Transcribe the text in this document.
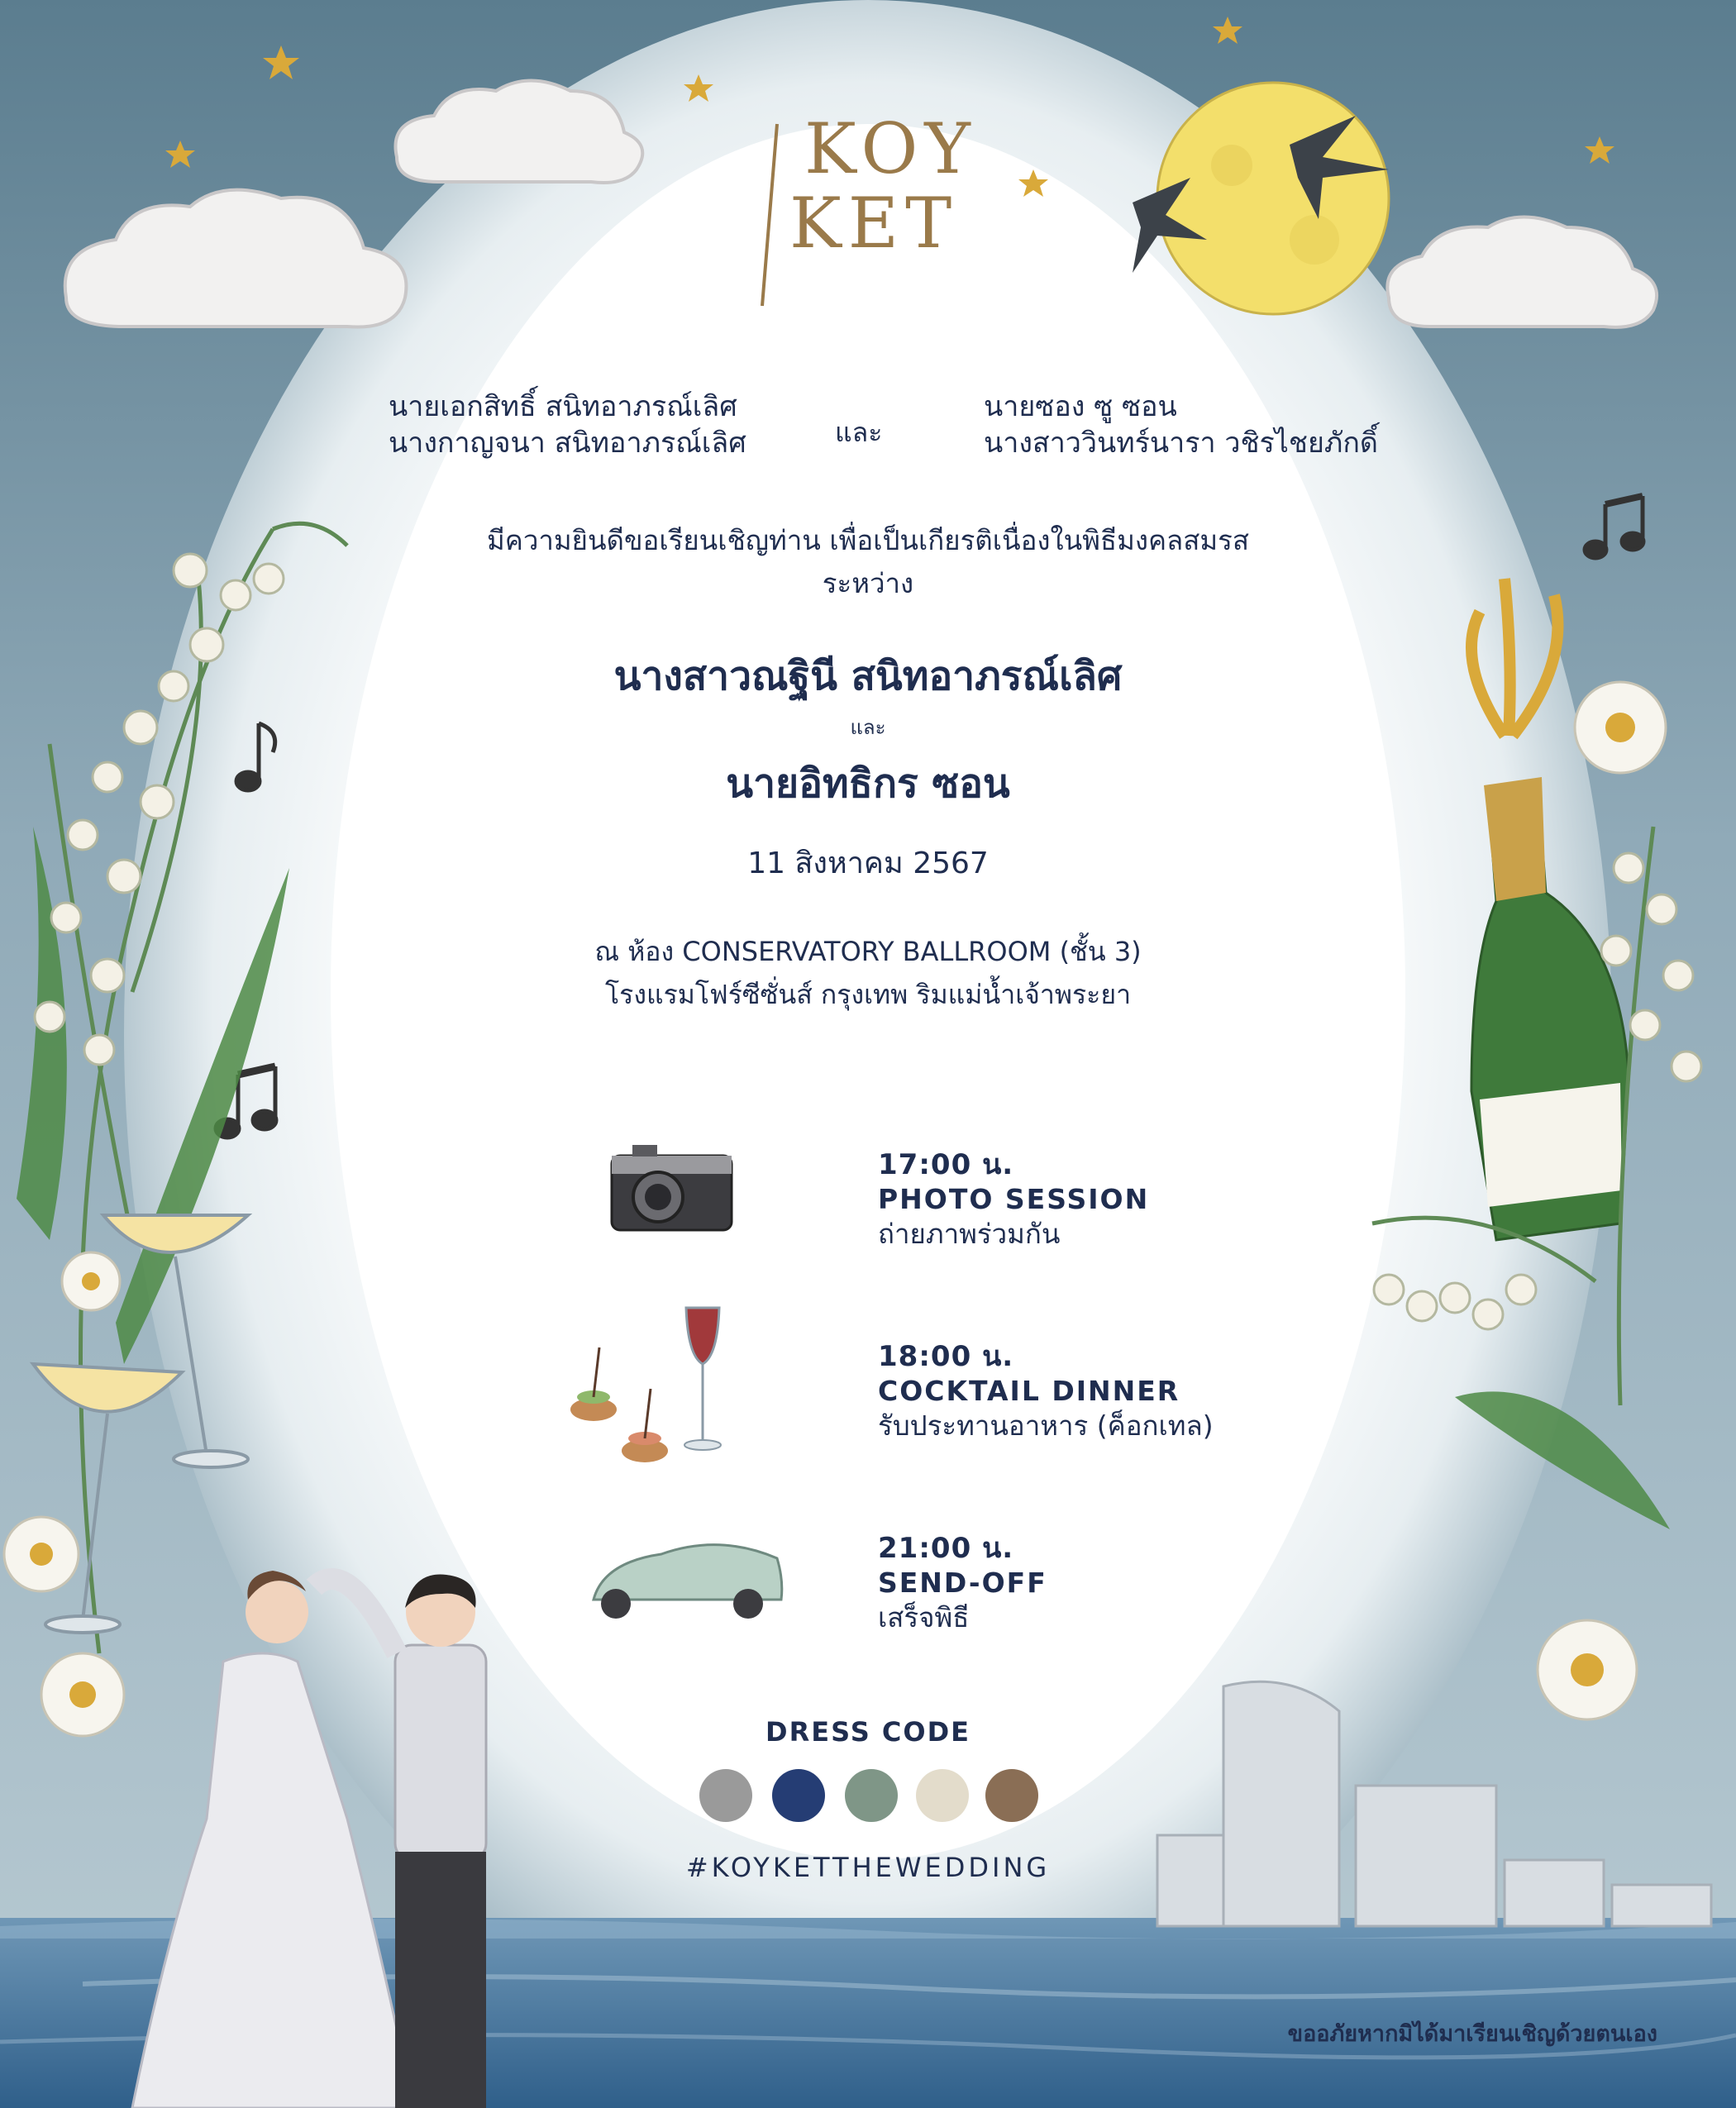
KOY
KET
นายเอกสิทธิ์ สนิทอาภรณ์เลิศ
นางกาญจนา สนิทอาภรณ์เลิศ	และ
นายซอง ซู ซอน
นางสาววินทร์นารา วชิรไชยภักดิ์
มีความยินดีขอเรียนเชิญท่าน เพื่อเป็นเกียรติเนื่องในพิธีมงคลสมรส
ระหว่าง
นางสาวณฐินี สนิทอาภรณ์เลิศ
และ
นายอิทธิกร ซอน
11 สิงหาคม 2567
ณ ห้อง CONSERVATORY BALLROOM (ชั้น 3)
โรงแรมโฟร์ซีซั่นส์ กรุงเทพ ริมแม่น้ำเจ้าพระยา
17:00 น.
PHOTO SESSION
ถ่ายภาพร่วมกัน
18:00 น.
COCKTAIL DINNER
รับประทานอาหาร (ค็อกเทล)
21:00 น.
SEND-OFF
เสร็จพิธี
DRESS CODE
#KOYKETTHEWEDDING
ขออภัยหากมิได้มาเรียนเชิญด้วยตนเอง
